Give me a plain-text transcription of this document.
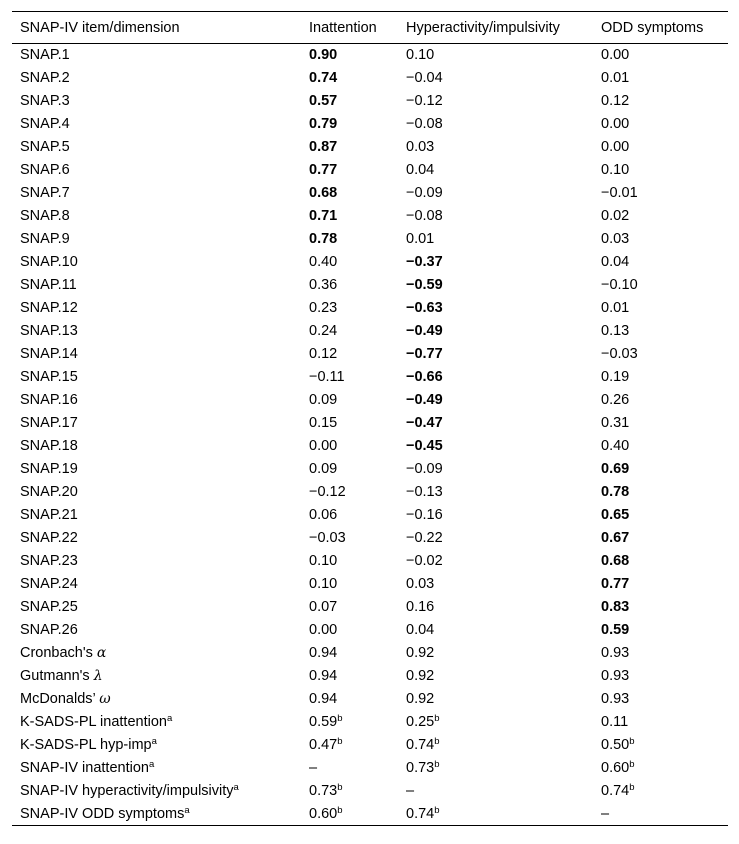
SNAP-IV item/dimension	Inattention	Hyperactivity/impulsivity	ODD symptoms
SNAP.1	0.90	0.10	0.00
SNAP.2	0.74	−0.04	0.01
SNAP.3	0.57	−0.12	0.12
SNAP.4	0.79	−0.08	0.00
SNAP.5	0.87	0.03	0.00
SNAP.6	0.77	0.04	0.10
SNAP.7	0.68	−0.09	−0.01
SNAP.8	0.71	−0.08	0.02
SNAP.9	0.78	0.01	0.03
SNAP.10	0.40	−0.37	0.04
SNAP.11	0.36	−0.59	−0.10
SNAP.12	0.23	−0.63	0.01
SNAP.13	0.24	−0.49	0.13
SNAP.14	0.12	−0.77	−0.03
SNAP.15	−0.11	−0.66	0.19
SNAP.16	0.09	−0.49	0.26
SNAP.17	0.15	−0.47	0.31
SNAP.18	0.00	−0.45	0.40
SNAP.19	0.09	−0.09	0.69
SNAP.20	−0.12	−0.13	0.78
SNAP.21	0.06	−0.16	0.65
SNAP.22	−0.03	−0.22	0.67
SNAP.23	0.10	−0.02	0.68
SNAP.24	0.10	0.03	0.77
SNAP.25	0.07	0.16	0.83
SNAP.26	0.00	0.04	0.59
Cronbach's α	0.94	0.92	0.93
Gutmann's λ	0.94	0.92	0.93
McDonalds’ ω	0.94	0.92	0.93
K-SADS-PL inattention$^a$	0.59$^b$	0.25$^b$	0.11
K-SADS-PL hyp-imp$^a$	0.47$^b$	0.74$^b$	0.50$^b$
SNAP-IV inattention$^a$	–	0.73$^b$	0.60$^b$
SNAP-IV hyperactivity/impulsivity$^a$	0.73$^b$	–	0.74$^b$
SNAP-IV ODD symptoms$^a$	0.60$^b$	0.74$^b$	–
